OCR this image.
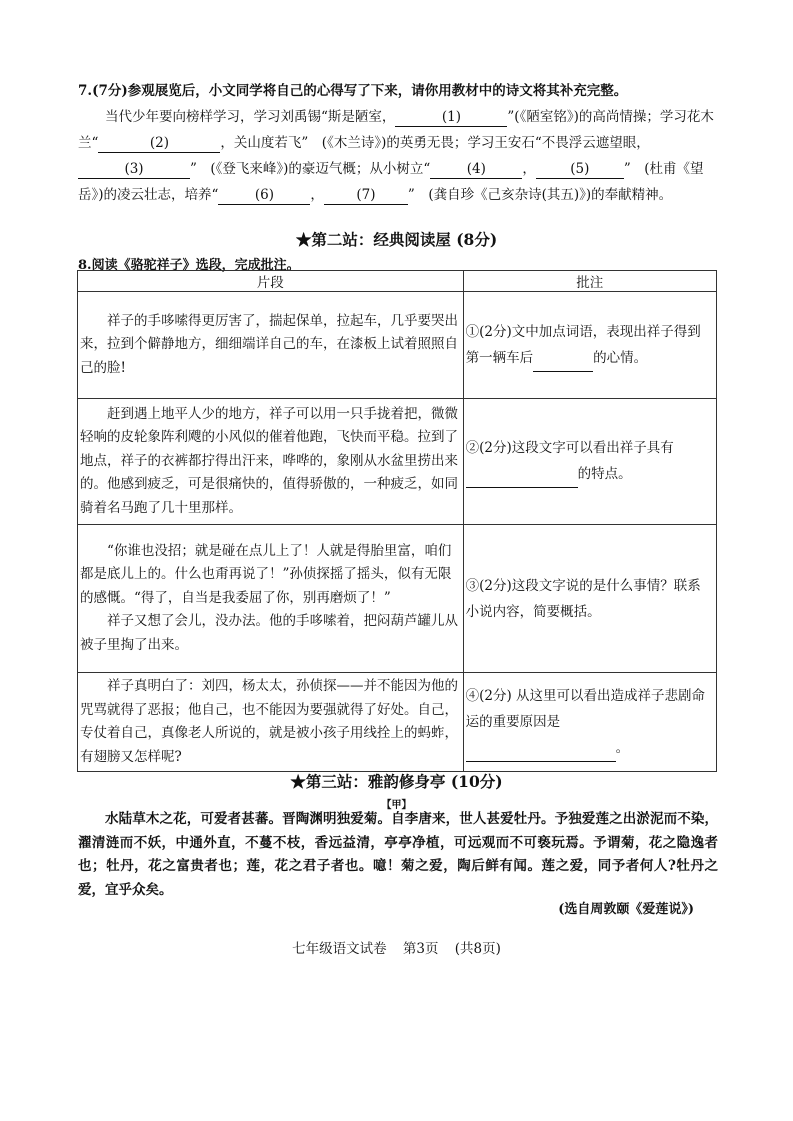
7.(7分)参观展览后，小文同学将自己的心得写了下来，请你用教材中的诗文将其补充完整。

当代少年要向榜样学习，学习刘禹锡“斯是陋室，	(1)	”(《陋室铭》)的高尚情操；学习花木兰“	(2)	，关山度若飞”　(《木兰诗》)的英勇无畏；学习王安石“不畏浮云遮望眼，(3)	”　(《登飞来峰》)的豪迈气概；从小树立“	(4)	，	(5)	”　(杜甫《望岳》)的凌云壮志，培养“	(6)	， (7) ”　(龚自珍《己亥杂诗(其五)》)的奉献精神。

★第二站：经典阅读屋 (8分)
8.阅读《骆驼祥子》选段，完成批注。
片段	批注

祥子的手哆嗦得更厉害了，揣起保单，拉起车，几乎要哭出来，拉到个僻静地方，细细端详自己的车，在漆板上试着照照自己的脸!	①(2分)文中加点词语，表现出祥子得到第一辆车后 的心情。

赶到遇上地平人少的地方，祥子可以用一只手拢着把，微微轻响的皮轮象阵利飕的小风似的催着他跑，飞快而平稳。拉到了地点，祥子的衣裤都拧得出汗来，哗哗的，象刚从水盆里捞出来的。他感到疲乏，可是很痛快的，值得骄傲的，一种疲乏，如同骑着名马跑了几十里那样。	②(2分)这段文字可以看出祥子具有 的特点。

“你谁也没招；就是碰在点儿上了！人就是得胎里富，咱们都是底儿上的。什么也甭再说了！”孙侦探摇了摇头，似有无限的感慨。“得了，自当是我委屈了你，别再磨烦了！”

祥子又想了会儿，没办法。他的手哆嗦着，把闷葫芦罐儿从被子里掏了出来。	③(2分)这段文字说的是什么事情？联系小说内容，简要概括。

祥子真明白了：刘四，杨太太，孙侦探——并不能因为他的咒骂就得了恶报；他自己，也不能因为要强就得了好处。自己，专仗着自己，真像老人所说的，就是被小孩子用线拴上的蚂蚱，有翅膀又怎样呢?	④(2分) 从这里可以看出造成祥子悲剧命运的重要原因是
。
★第三站：雅韵修身亭 (10分)
【甲】

水陆草木之花，可爱者甚蕃。晋陶渊明独爱菊。自李唐来，世人甚爱牡丹。予独爱莲之出淤泥而不染，濯清涟而不妖，中通外直，不蔓不枝，香远益清，亭亭净植，可远观而不可亵玩焉。予谓菊，花之隐逸者也；牡丹，花之富贵者也；莲，花之君子者也。噫！菊之爱，陶后鲜有闻。莲之爱，同予者何人?牡丹之爱，宜乎众矣。

(选自周敦颐《爱莲说》)
七年级语文试卷 第3页 (共8页)
